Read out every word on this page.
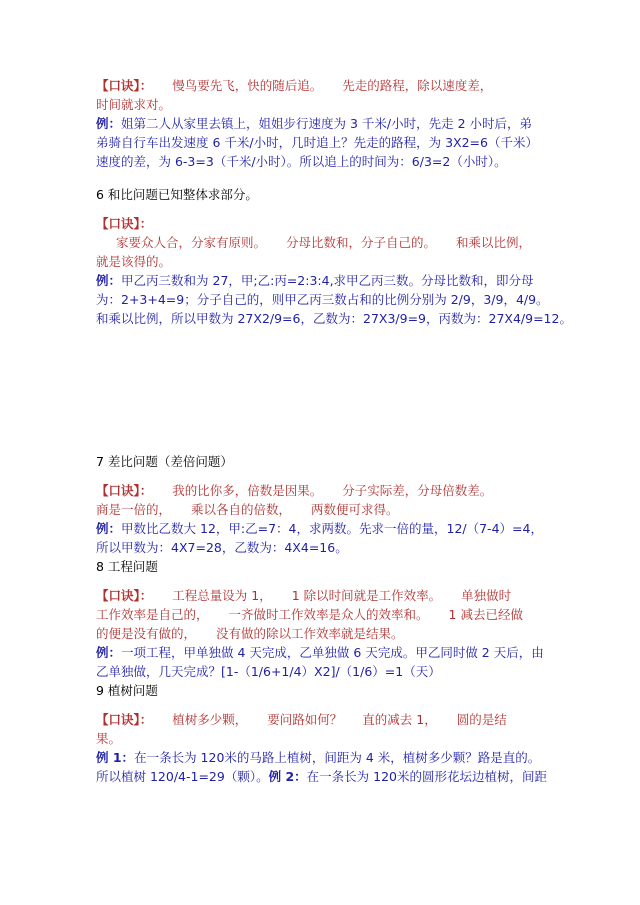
【口诀】： 慢鸟要先飞，快的随后追。 先走的路程，除以速度差，
时间就求对。
例：姐第二人从家里去镇上，姐姐步行速度为 3 千米/小时，先走 2 小时后，弟
弟骑自行车出发速度 6 千米/小时，几时追上？先走的路程，为 3X2=6（千米）
速度的差，为 6-3=3（千米/小时）。所以追上的时间为：6/3=2（小时）。
6 和比问题已知整体求部分。
【口诀】：
家要众人合，分家有原则。 分母比数和，分子自己的。 和乘以比例，
就是该得的。
例：甲乙丙三数和为 27，甲;乙:丙=2:3:4,求甲乙丙三数。分母比数和，即分母
为：2+3+4=9；分子自己的，则甲乙丙三数占和的比例分别为 2/9，3/9，4/9。
和乘以比例，所以甲数为 27X2/9=6，乙数为：27X3/9=9，丙数为：27X4/9=12。
7 差比问题（差倍问题）
【口诀】： 我的比你多，倍数是因果。 分子实际差，分母倍数差。
商是一倍的， 乘以各自的倍数， 两数便可求得。
例：甲数比乙数大 12，甲:乙=7：4，求两数。先求一倍的量，12/（7-4）=4，
所以甲数为：4X7=28，乙数为：4X4=16。
8 工程问题
【口诀】： 工程总量设为 1， 1 除以时间就是工作效率。 单独做时
工作效率是自己的， 一齐做时工作效率是众人的效率和。 1 减去已经做
的便是没有做的， 没有做的除以工作效率就是结果。
例：一项工程，甲单独做 4 天完成，乙单独做 6 天完成。甲乙同时做 2 天后，由
乙单独做，几天完成？[1-（1/6+1/4）X2]/（1/6）=1（天）
9 植树问题
【口诀】： 植树多少颗， 要问路如何？ 直的减去 1， 圆的是结
果。
例 1：在一条长为 120米的马路上植树，间距为 4 米，植树多少颗？路是直的。
所以植树 120/4-1=29（颗）。例 2：在一条长为 120米的圆形花坛边植树，间距
